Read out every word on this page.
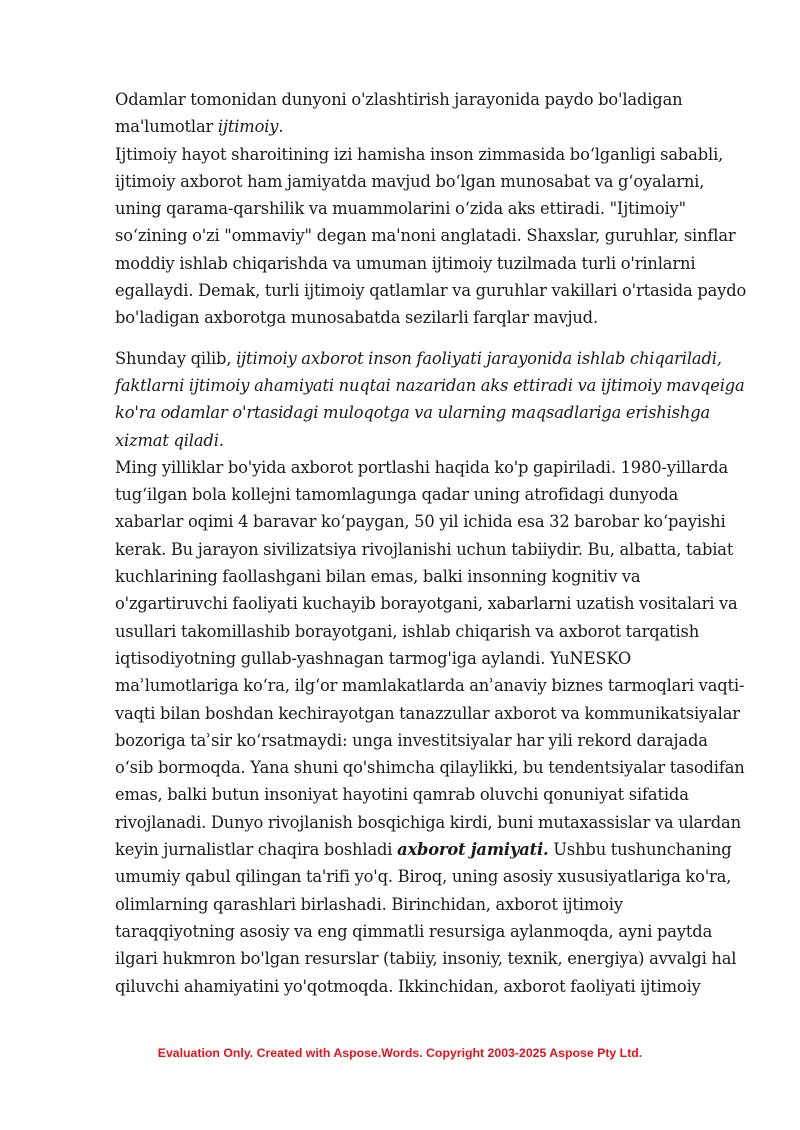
Odamlar tomonidan dunyoni o'zlashtirish jarayonida paydo bo'ladigan ma'lumotlar ijtimoiy.

Ijtimoiy hayot sharoitining izi hamisha inson zimmasida boʻlganligi sababli, ijtimoiy axborot ham jamiyatda mavjud boʻlgan munosabat va gʻoyalarni, uning qarama-qarshilik va muammolarini oʻzida aks ettiradi. "Ijtimoiy" soʻzining o'zi "ommaviy" degan ma'noni anglatadi. Shaxslar, guruhlar, sinflar moddiy ishlab chiqarishda va umuman ijtimoiy tuzilmada turli o'rinlarni egallaydi. Demak, turli ijtimoiy qatlamlar va guruhlar vakillari o'rtasida paydo bo'ladigan axborotga munosabatda sezilarli farqlar mavjud.

Shunday qilib, ijtimoiy axborot inson faoliyati jarayonida ishlab chiqariladi, faktlarni ijtimoiy ahamiyati nuqtai nazaridan aks ettiradi va ijtimoiy mavqeiga ko'ra odamlar o'rtasidagi muloqotga va ularning maqsadlariga erishishga xizmat qiladi.

Ming yilliklar bo'yida axborot portlashi haqida ko'p gapiriladi. 1980-yillarda tugʻilgan bola kollejni tamomlagunga qadar uning atrofidagi dunyoda xabarlar oqimi 4 baravar koʻpaygan, 50 yil ichida esa 32 barobar koʻpayishi kerak. Bu jarayon sivilizatsiya rivojlanishi uchun tabiiydir. Bu, albatta, tabiat kuchlarining faollashgani bilan emas, balki insonning kognitiv va o'zgartiruvchi faoliyati kuchayib borayotgani, xabarlarni uzatish vositalari va usullari takomillashib borayotgani, ishlab chiqarish va axborot tarqatish iqtisodiyotning gullab-yashnagan tarmog'iga aylandi. YuNESKO maʾlumotlariga koʻra, ilgʻor mamlakatlarda anʾanaviy biznes tarmoqlari vaqti-vaqti bilan boshdan kechirayotgan tanazzullar axborot va kommunikatsiyalar bozoriga taʾsir koʻrsatmaydi: unga investitsiyalar har yili rekord darajada oʻsib bormoqda. Yana shuni qo'shimcha qilaylikki, bu tendentsiyalar tasodifan emas, balki butun insoniyat hayotini qamrab oluvchi qonuniyat sifatida rivojlanadi. Dunyo rivojlanish bosqichiga kirdi, buni mutaxassislar va ulardan keyin jurnalistlar chaqira boshladi axborot jamiyati. Ushbu tushunchaning umumiy qabul qilingan ta'rifi yo'q. Biroq, uning asosiy xususiyatlariga ko'ra, olimlarning qarashlari birlashadi. Birinchidan, axborot ijtimoiy taraqqiyotning asosiy va eng qimmatli resursiga aylanmoqda, ayni paytda ilgari hukmron bo'lgan resurslar (tabiiy, insoniy, texnik, energiya) avvalgi hal qiluvchi ahamiyatini yo'qotmoqda. Ikkinchidan, axborot faoliyati ijtimoiy

Evaluation Only. Created with Aspose.Words. Copyright 2003-2025 Aspose Pty Ltd.
